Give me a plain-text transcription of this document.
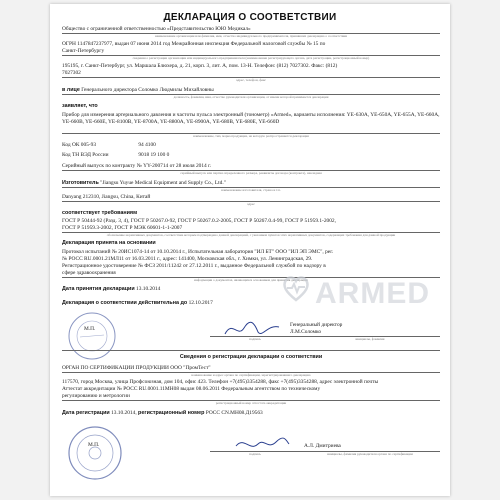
ДЕКЛАРАЦИЯ О СООТВЕТСТВИИ
Общество с ограниченной ответственностью «Представительство ЮЮ Медикал»
наименование организации или фамилия, имя, отчество индивидуального предпринимателя, принявших декларацию о соответствии
ОГРН 1147847237977, выдан 07 июня 2014 год Межрайонная инспекция Федеральной налоговой службы № 15 по
Санкт-Петербургу
сведения о регистрации организации или индивидуального предпринимателя (наименование регистрирующего органа, дата регистрации, регистрационный номер)
195195, г. Санкт-Петербург, ул. Маршала Блюхера, д. 21, корп. 3, лит. А, пом. 13-Н. Телефон: (812) 7027302. Факс: (812)
7027302
адрес, телефон, факс
в лице Генерального директора Соломко Людмилы Михайловны
должность, фамилия, имя, отчество руководителя организации, от имени которой принимается декларация
заявляет, что
Прибор для измерения артериального давления и частоты пульса электронный (тонометр) «Armed», варианты исполнения: YE-630A, YE-650A, YE-655A, YE-660A, YE-660B, YE-660E, YE-8100B, YE-8700A, YE-8800A, YE-8900A, YE-680B, YE-680E, YE-660D
наименование, тип, марка продукции, на которую распространяется декларация
Код ОК 005-93	94 4100
Код ТН ВЭД России	9018 19 100 0
Серийный выпуск по контракту № YY-200714 от 28 июля 2014 г.
серийный выпуск или партия определенного размера, реквизиты договора (контракта), накладная
Изготовитель "Jiangsu Yuyue Medical Equipment and Supply Co., Ltd."
наименование изготовителя, страна и т.п.
Danyang 212310, Jiangsu, China, Китай
адрес
соответствует требованиям
ГОСТ Р 50444-92 (Разд. 3, 4), ГОСТ Р 50267.0-92, ГОСТ Р 50267.0.2-2005, ГОСТ Р 50267.0.4-99, ГОСТ Р 51959.1-2002,
ГОСТ Р 51959.3-2002, ГОСТ Р МЭК 60601-1-1-2007
обозначение нормативных документов, соответствие которым подтверждено данной декларацией, с указанием пунктов этих нормативных документов, содержащих требования для данной продукции
Декларация принята на основании
Протокол испытаний № 20ИС1074-14 от 10.10.2014 г., Испытательная лаборатория "ИЛ БТ" ООО "ИЛ ЭП ЭМС", рег.
№ РОСС RU.0001.21МЛ11 от 16.03.2011 г., адрес: 141400, Московская обл., г. Химки, ул. Ленинградская, 29.
Регистрационное удостоверение № ФСЗ 2011/11242 от 27.12.2011 г., выданное Федеральной службой по надзору в
сфере здравоохранения
информация о документах, являющихся основанием для принятия декларации
Дата принятия декларации 13.10.2014
Декларация о соответствии действительна до 12.10.2017
М.П.
Генеральный директор
Л.М.Соломко
подпись	инициалы, фамилия
Сведения о регистрации декларации о соответствии
ОРГАН ПО СЕРТИФИКАЦИИ ПРОДУКЦИИ ООО "ПромТест"
наименование и адрес органа по сертификации, зарегистрировавшего декларацию
117570, город Москва, улица Профсоюзная, дом 104, офис 423. Телефон +7(495)3354288, факс +7(495)3354288, адрес электронной почты
Аттестат аккредитации № РОСС RU.0001.11МН08 выдан 08.06.2011 Федеральным агентством по техническому
регулированию и метрологии
регистрационный номер аттестата аккредитации
Дата регистрации 13.10.2014, регистрационный номер РОСС CN.МН08.Д19563
М.П.	А.Л. Дмитриева
подпись	инициалы, фамилия руководителя органа по сертификации
ARMED
